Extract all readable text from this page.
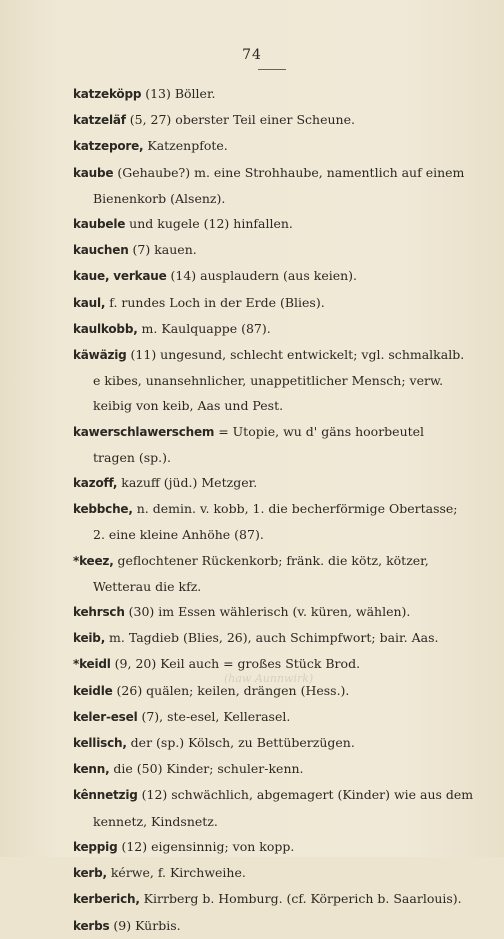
74

katzeköpp (13) Böller.

katzeläf (5, 27) oberster Teil einer Scheune.

katzepore, Katzenpfote.

kaube (Gehaube?) m. eine Strohhaube, namentlich auf einem

Bienenkorb (Alsenz).

kaubele und kugele (12) hinfallen.

kauchen (7) kauen.

kaue, verkaue (14) ausplaudern (aus keien).

kaul, f. rundes Loch in der Erde (Blies).

kaulkobb, m. Kaulquappe (87).

käwäzig (11) ungesund, schlecht entwickelt; vgl. schmalkalb.

e kibes, unansehnlicher, unappetitlicher Mensch; verw.

keibig von keib, Aas und Pest.

kawerschlawerschem = Utopie, wu d' gäns hoorbeutel

tragen (sp.).

kazoff, kazuff (jüd.) Metzger.

kebbche, n. demin. v. kobb, 1. die becherförmige Obertasse;

2. eine kleine Anhöhe (87).

*keez, geflochtener Rückenkorb; fränk. die kötz, kötzer,

Wetterau die kfz.

kehrsch (30) im Essen wählerisch (v. küren, wählen).

keib, m. Tagdieb (Blies, 26), auch Schimpfwort; bair. Aas.

*keidl (9, 20) Keil auch = großes Stück Brod.

keidle (26) quälen; keilen, drängen (Hess.).

keler-esel (7), ste-esel, Kellerasel.

kellisch, der (sp.) Kölsch, zu Bettüberzügen.

kenn, die (50) Kinder; schuler-kenn.

kênnetzig (12) schwächlich, abgemagert (Kinder) wie aus dem

kennetz, Kindsnetz.

keppig (12) eigensinnig; von kopp.

kerb, kérwe, f. Kirchweihe.

kerberich, Kirrberg b. Homburg. (cf. Körperich b. Saarlouis).

kerbs (9) Kürbis.

(haw Aunnwirk)
